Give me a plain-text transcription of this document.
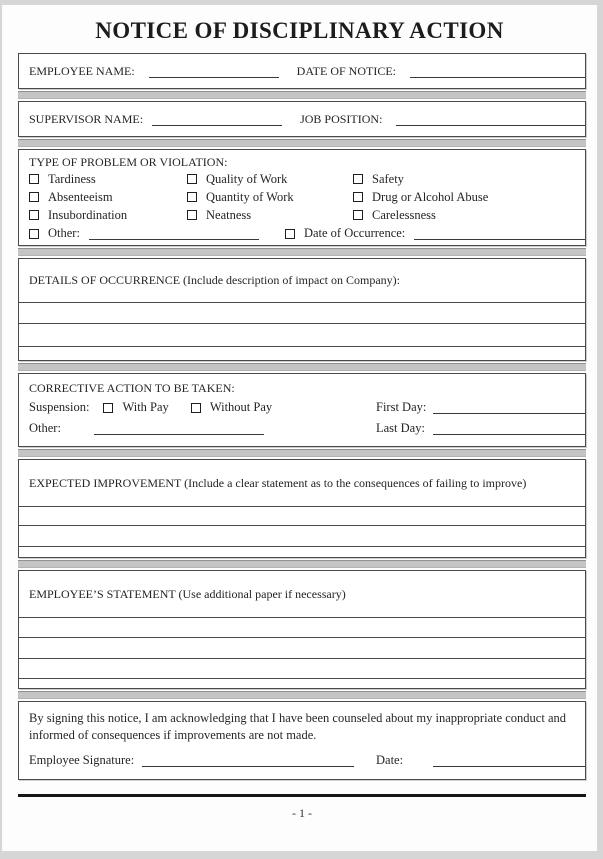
NOTICE OF DISCIPLINARY ACTION
EMPLOYEE NAME:	DATE OF NOTICE:
SUPERVISOR NAME:	JOB POSITION:
TYPE OF PROBLEM OR VIOLATION:
Tardiness	Quality of Work	Safety
Absenteeism	Quantity of Work	Drug or Alcohol Abuse
Insubordination	Neatness	Carelessness
Other:	Date of Occurrence:
DETAILS OF OCCURRENCE (Include description of impact on Company):
CORRECTIVE ACTION TO BE TAKEN:
Suspension:	With Pay	Without Pay	First Day:
Other:	Last Day:
EXPECTED IMPROVEMENT (Include a clear statement as to the consequences of failing to improve)
EMPLOYEE’S STATEMENT (Use additional paper if necessary)
By signing this notice, I am acknowledging that I have been counseled about my inappropriate conduct and informed of consequences if improvements are not made.
Employee Signature:	Date:
- 1 -
